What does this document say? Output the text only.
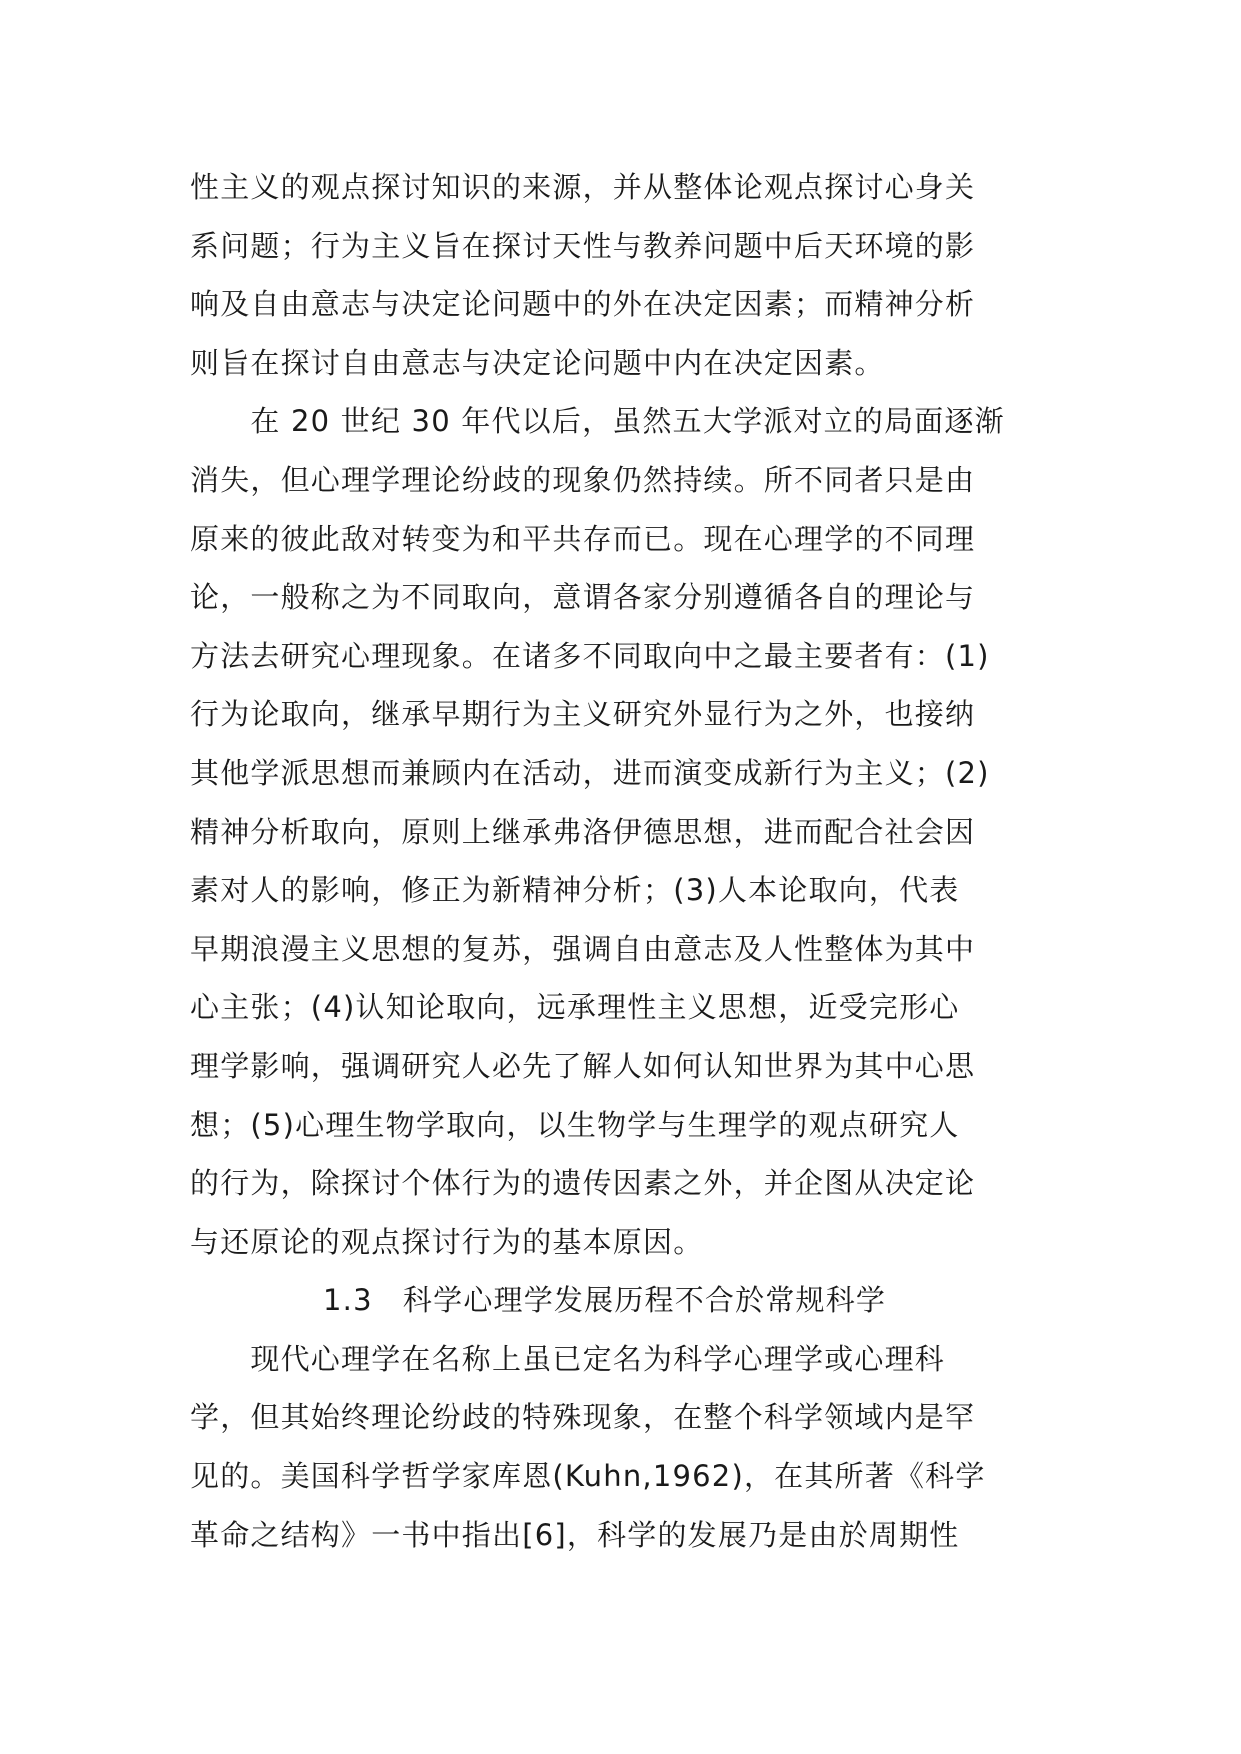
性主义的观点探讨知识的来源，并从整体论观点探讨心身关
系问题；行为主义旨在探讨天性与教养问题中后天环境的影
响及自由意志与决定论问题中的外在决定因素；而精神分析
则旨在探讨自由意志与决定论问题中内在决定因素。
　　在 20 世纪 30 年代以后，虽然五大学派对立的局面逐渐
消失，但心理学理论纷歧的现象仍然持续。所不同者只是由
原来的彼此敌对转变为和平共存而已。现在心理学的不同理
论，一般称之为不同取向，意谓各家分别遵循各自的理论与
方法去研究心理现象。在诸多不同取向中之最主要者有：(1)
行为论取向，继承早期行为主义研究外显行为之外，也接纳
其他学派思想而兼顾内在活动，进而演变成新行为主义；(2)
精神分析取向，原则上继承弗洛伊德思想，进而配合社会因
素对人的影响，修正为新精神分析；(3)人本论取向，代表
早期浪漫主义思想的复苏，强调自由意志及人性整体为其中
心主张；(4)认知论取向，远承理性主义思想，近受完形心
理学影响，强调研究人必先了解人如何认知世界为其中心思
想；(5)心理生物学取向，以生物学与生理学的观点研究人
的行为，除探讨个体行为的遗传因素之外，并企图从决定论
与还原论的观点探讨行为的基本原因。
1.3　科学心理学发展历程不合於常规科学
　　现代心理学在名称上虽已定名为科学心理学或心理科
学，但其始终理论纷歧的特殊现象，在整个科学领域内是罕
见的。美国科学哲学家库恩(Kuhn,1962)，在其所著《科学
革命之结构》一书中指出[6]，科学的发展乃是由於周期性
